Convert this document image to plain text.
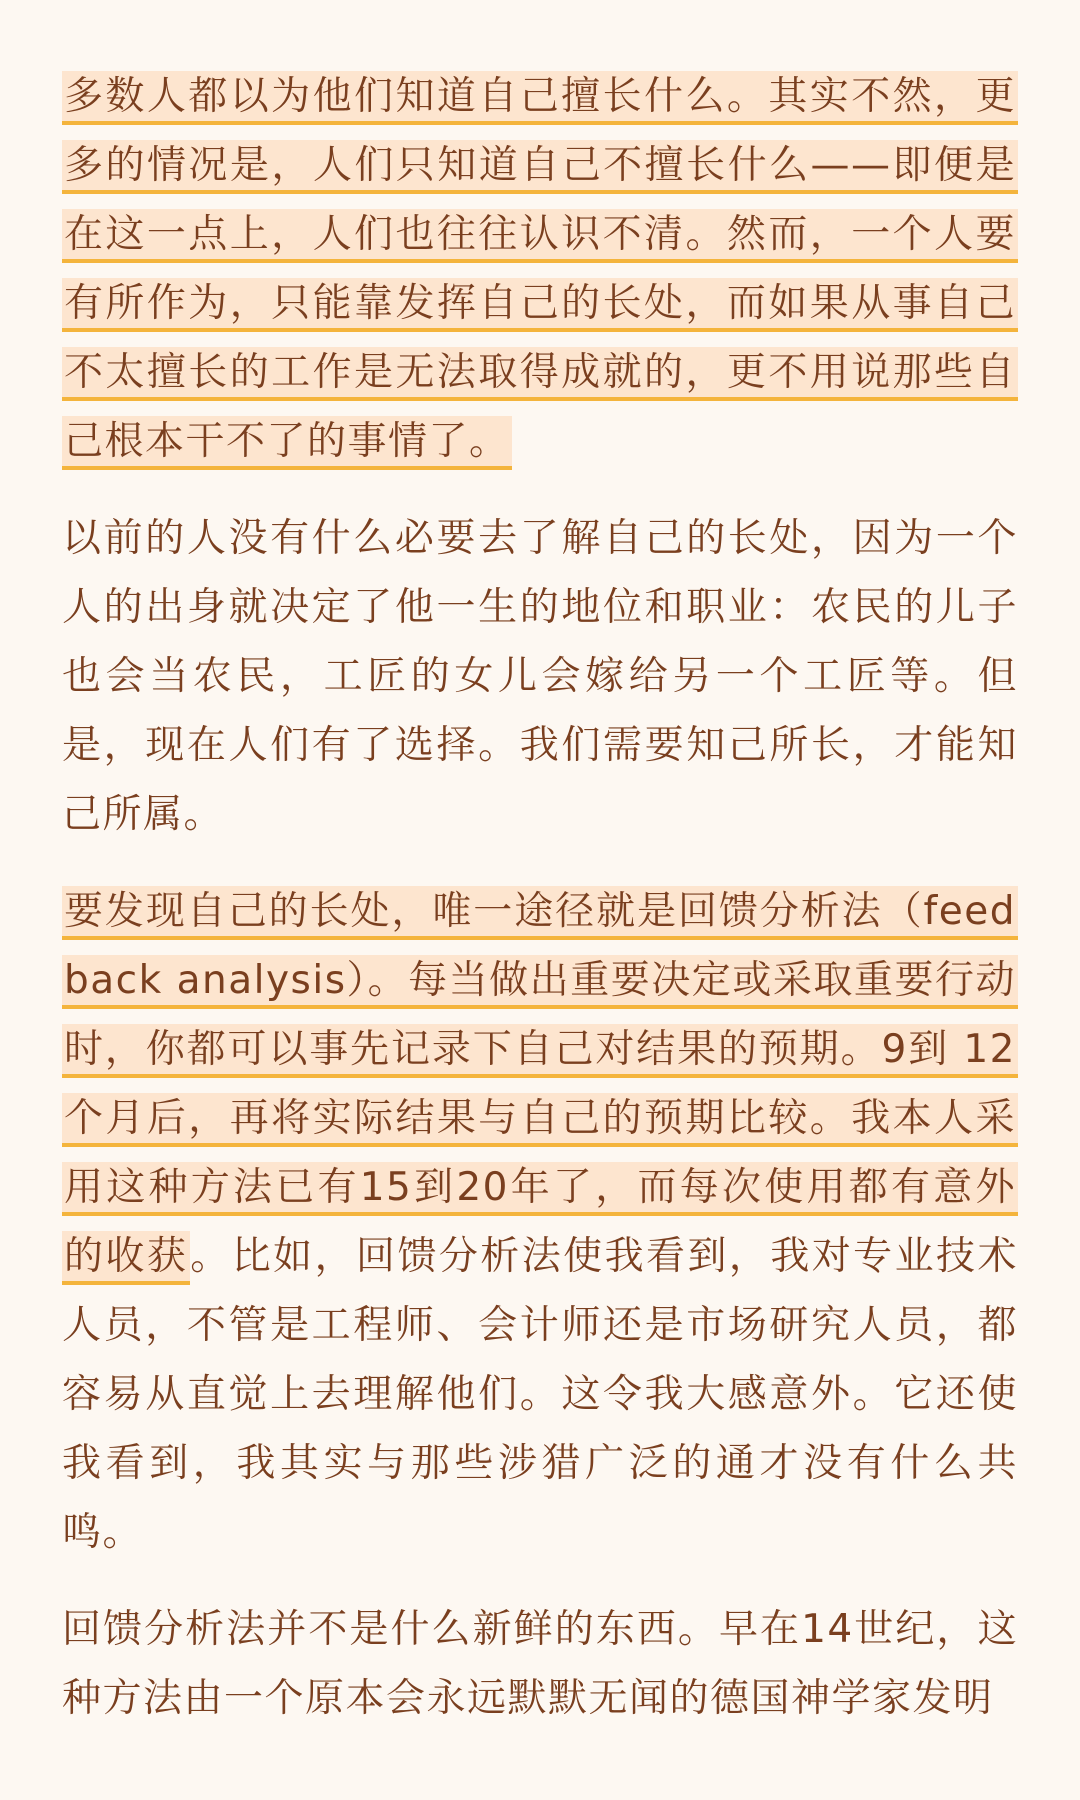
多数人都以为他们知道自己擅长什么。其实不然，更多的情况是，人们只知道自己不擅长什么——即便是在这一点上，人们也往往认识不清。然而，一个人要有所作为，只能靠发挥自己的长处，而如果从事自己不太擅长的工作是无法取得成就的，更不用说那些自己根本干不了的事情了。

以前的人没有什么必要去了解自己的长处，因为一个人的出身就决定了他一生的地位和职业：农民的儿子也会当农民，工匠的女儿会嫁给另一个工匠等。但是，现在人们有了选择。我们需要知己所长，才能知己所属。

要发现自己的长处，唯一途径就是回馈分析法（feedback analysis）。每当做出重要决定或采取重要行动时，你都可以事先记录下自己对结果的预期。9到 12个月后，再将实际结果与自己的预期比较。我本人采用这种方法已有15到20年了，而每次使用都有意外的收获。比如，回馈分析法使我看到，我对专业技术人员，不管是工程师、会计师还是市场研究人员，都容易从直觉上去理解他们。这令我大感意外。它还使我看到，我其实与那些涉猎广泛的通才没有什么共鸣。

回馈分析法并不是什么新鲜的东西。早在14世纪，这种方法由一个原本会永远默默无闻的德国神学家发明
